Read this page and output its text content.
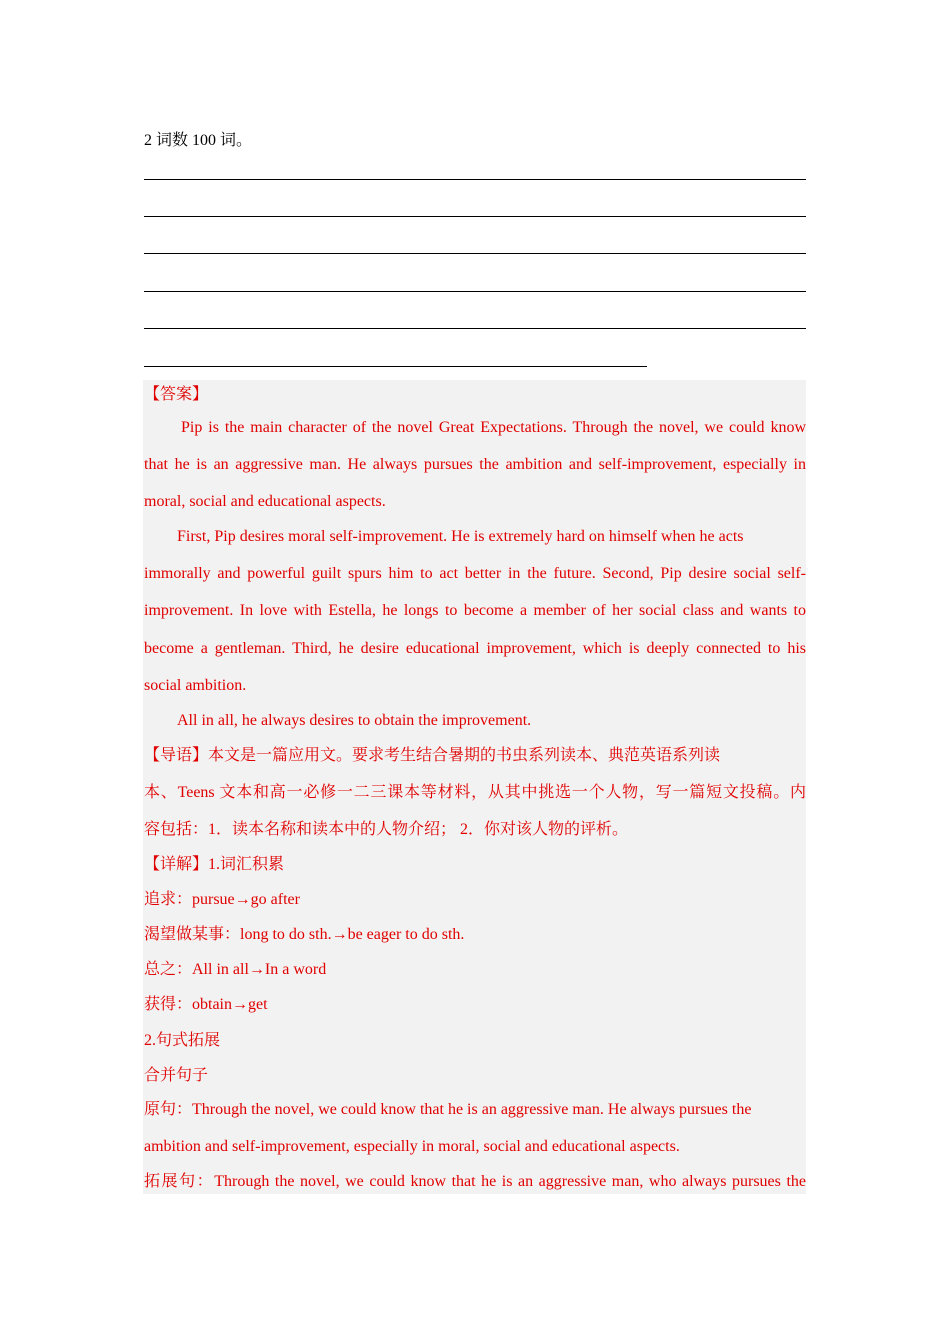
2 词数 100 词。
【答案】
Pip is the main character of the novel Great Expectations. Through the novel, we could know
that he is an aggressive man. He always pursues the ambition and self-improvement, especially in
moral, social and educational aspects.
First, Pip desires moral self-improvement. He is extremely hard on himself when he acts
immorally and powerful guilt spurs him to act better in the future. Second, Pip desire social self-
improvement. In love with Estella, he longs to become a member of her social class and wants to
become a gentleman. Third, he desire educational improvement, which is deeply connected to his
social ambition.
All in all, he always desires to obtain the improvement.
【导语】本文是一篇应用文。要求考生结合暑期的书虫系列读本、典范英语系列读
本、Teens 文本和高一必修一二三课本等材料，从其中挑选一个人物，写一篇短文投稿。内
容包括：1．读本名称和读本中的人物介绍； 2．你对该人物的评析。
【详解】1.词汇积累
追求：pursue→go after
渴望做某事：long to do sth.→be eager to do sth.
总之：All in all→In a word
获得：obtain→get
2.句式拓展
合并句子
原句：Through the novel, we could know that he is an aggressive man. He always pursues the
ambition and self-improvement, especially in moral, social and educational aspects.
拓展句：Through the novel, we could know that he is an aggressive man, who always pursues the
